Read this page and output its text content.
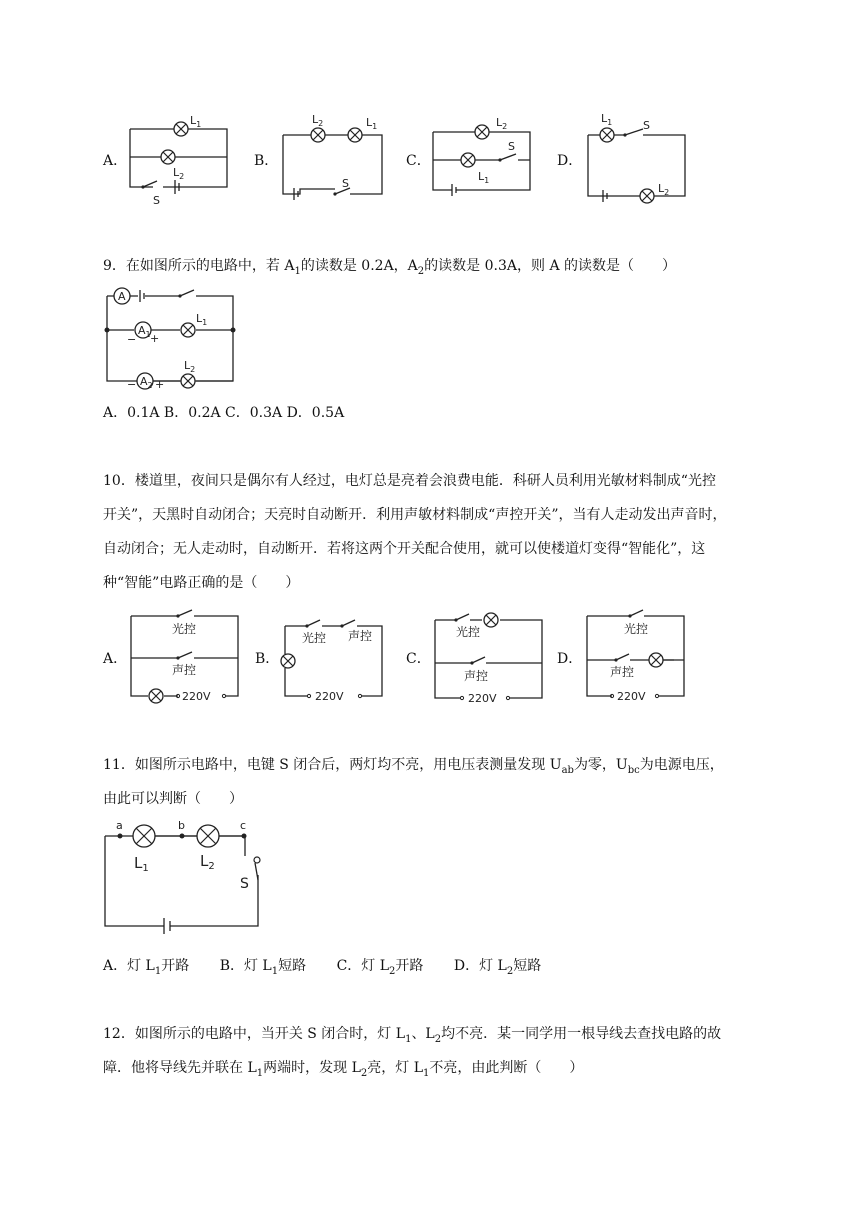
A．
$L_1$
$L_2$
S
B．
$L_2$	$L_1$
S
C．
$L_2$
$L_1$
S
D．
$L_1$	S
$L_2$
9．在如图所示的电路中，若 $A_1$的读数是 0.2A，$A_2$的读数是 0.3A，则 A 的读数是（　　）
A
$A_1$
$L_1$
$A_2$
$L_2$
− +
− +
A．0.1A B．0.2A C．0.3A D．0.5A
10．楼道里，夜间只是偶尔有人经过，电灯总是亮着会浪费电能．科研人员利用光敏材料制成“光控
开关”，天黑时自动闭合；天亮时自动断开．利用声敏材料制成“声控开关”，当有人走动发出声音时，
自动闭合；无人走动时，自动断开．若将这两个开关配合使用，就可以使楼道灯变得“智能化”，这
种“智能”电路正确的是（　　）
A．
光控
声控
220V
B．
光控 声控
220V
C．
光控
声控
220V
D．
光控
声控
220V
11．如图所示电路中，电键 S 闭合后，两灯均不亮，用电压表测量发现 $U_{ab}$为零，$U_{bc}$为电源电压，
由此可以判断（　　）
a	b	c
$L_1$	$L_2$
S
A．灯 $L_1$开路 B．灯 $L_1$短路 C．灯 $L_2$开路 D．灯 $L_2$短路
12．如图所示的电路中，当开关 S 闭合时，灯 $L_1$、$L_2$均不亮．某一同学用一根导线去查找电路的故
障．他将导线先并联在 $L_1$两端时，发现 $L_2$亮，灯 $L_1$不亮，由此判断（　　）
